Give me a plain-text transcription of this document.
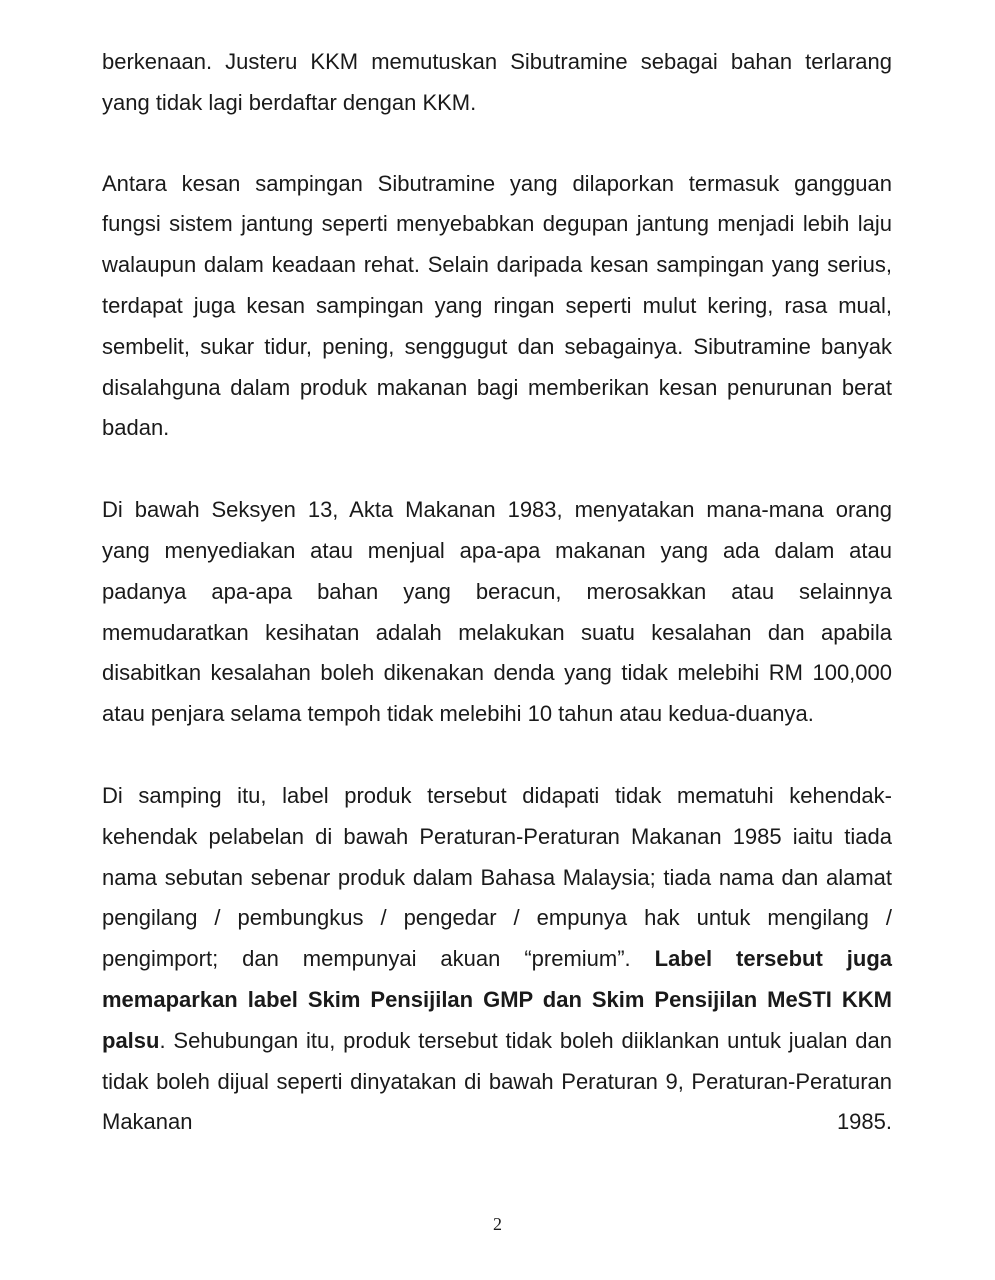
berkenaan. Justeru KKM memutuskan Sibutramine sebagai bahan terlarang yang tidak lagi berdaftar dengan KKM.

Antara kesan sampingan Sibutramine yang dilaporkan termasuk gangguan fungsi sistem jantung seperti menyebabkan degupan jantung menjadi lebih laju walaupun dalam keadaan rehat. Selain daripada kesan sampingan yang serius, terdapat juga kesan sampingan yang ringan seperti mulut kering, rasa mual, sembelit, sukar tidur, pening, senggugut dan sebagainya. Sibutramine banyak disalahguna dalam produk makanan bagi memberikan kesan penurunan berat badan.

Di bawah Seksyen 13, Akta Makanan 1983, menyatakan mana-mana orang yang menyediakan atau menjual apa-apa makanan yang ada dalam atau padanya apa-apa bahan yang beracun, merosakkan atau selainnya memudaratkan kesihatan adalah melakukan suatu kesalahan dan apabila disabitkan kesalahan boleh dikenakan denda yang tidak melebihi RM 100,000 atau penjara selama tempoh tidak melebihi 10 tahun atau kedua-duanya.

Di samping itu, label produk tersebut didapati tidak mematuhi kehendak-kehendak pelabelan di bawah Peraturan-Peraturan Makanan 1985 iaitu tiada nama sebutan sebenar produk dalam Bahasa Malaysia; tiada nama dan alamat pengilang / pembungkus / pengedar / empunya hak untuk mengilang / pengimport; dan mempunyai akuan “premium”. Label tersebut juga memaparkan label Skim Pensijilan GMP dan Skim Pensijilan MeSTI KKM palsu. Sehubungan itu, produk tersebut tidak boleh diiklankan untuk jualan dan tidak boleh dijual seperti dinyatakan di bawah Peraturan 9, Peraturan-Peraturan Makanan 1985.

2
